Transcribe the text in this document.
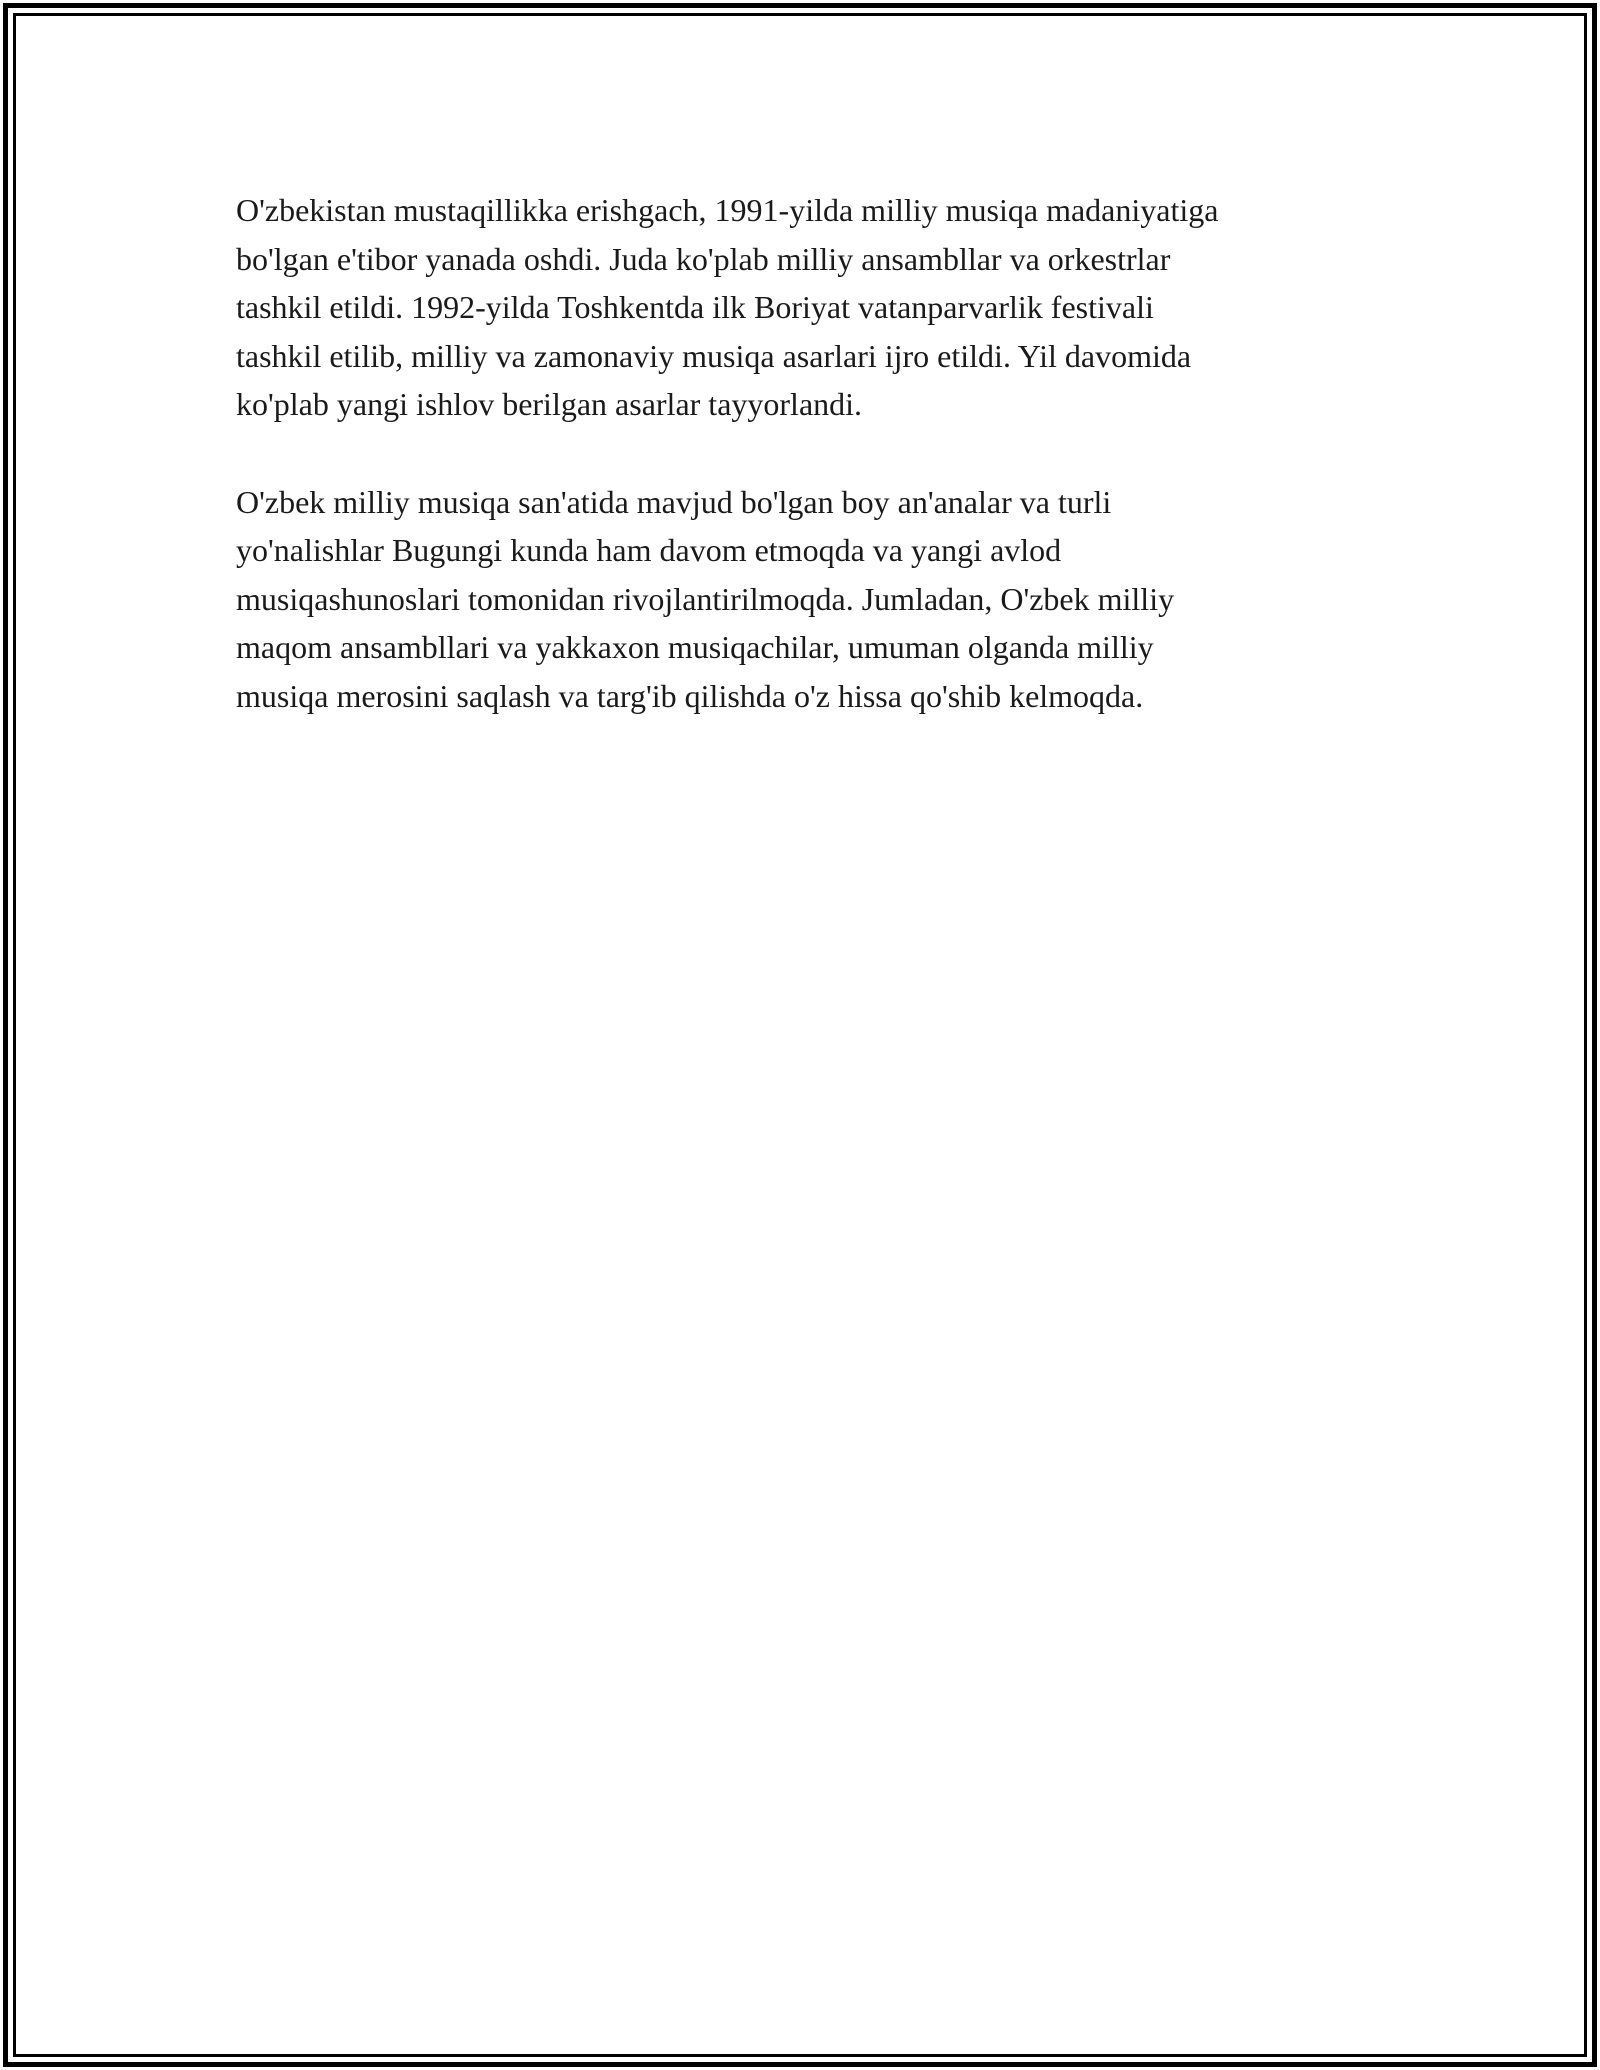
O'zbekistan mustaqillikka erishgach, 1991-yilda milliy musiqa madaniyatiga
bo'lgan e'tibor yanada oshdi. Juda ko'plab milliy ansambllar va orkestrlar
tashkil etildi. 1992-yilda Toshkentda ilk Boriyat vatanparvarlik festivali
tashkil etilib, milliy va zamonaviy musiqa asarlari ijro etildi. Yil davomida
ko'plab yangi ishlov berilgan asarlar tayyorlandi.

O'zbek milliy musiqa san'atida mavjud bo'lgan boy an'analar va turli
yo'nalishlar Bugungi kunda ham davom etmoqda va yangi avlod
musiqashunoslari tomonidan rivojlantirilmoqda. Jumladan, O'zbek milliy
maqom ansambllari va yakkaxon musiqachilar, umuman olganda milliy
musiqa merosini saqlash va targ'ib qilishda o'z hissa qo'shib kelmoqda.
